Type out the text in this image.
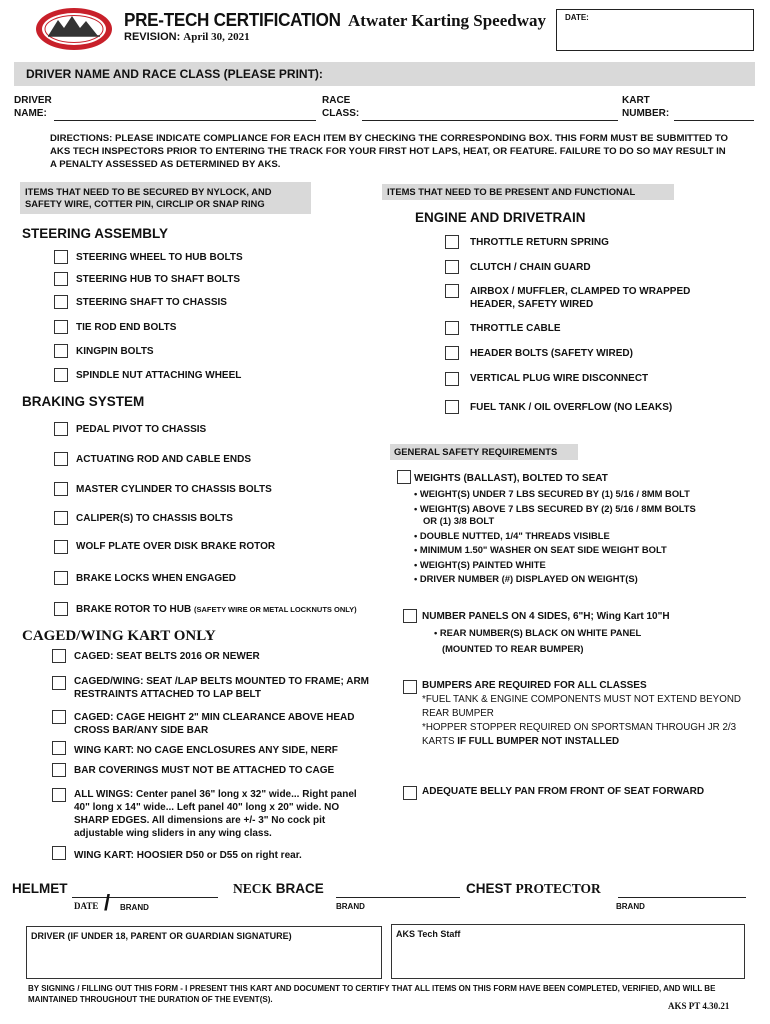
PRE-TECH CERTIFICATION
REVISION: April 30, 2021
Atwater Karting Speedway DATE:
DRIVER NAME AND RACE CLASS (PLEASE PRINT):
DRIVER
NAME:
RACE
CLASS:
KART
NUMBER:
DIRECTIONS: PLEASE INDICATE COMPLIANCE FOR EACH ITEM BY CHECKING THE CORRESPONDING BOX. THIS FORM MUST BE SUBMITTED TO AKS TECH INSPECTORS PRIOR TO ENTERING THE TRACK FOR YOUR FIRST HOT LAPS, HEAT, OR FEATURE. FAILURE TO DO SO MAY RESULT IN A PENALTY ASSESSED AS DETERMINED BY AKS.
ITEMS THAT NEED TO BE SECURED BY NYLOCK, AND SAFETY WIRE, COTTER PIN, CIRCLIP OR SNAP RING
STEERING ASSEMBLY
STEERING WHEEL TO HUB BOLTS
STEERING HUB TO SHAFT BOLTS
STEERING SHAFT TO CHASSIS
TIE ROD END BOLTS
KINGPIN BOLTS
SPINDLE NUT ATTACHING WHEEL
BRAKING SYSTEM
PEDAL PIVOT TO CHASSIS
ACTUATING ROD AND CABLE ENDS
MASTER CYLINDER TO CHASSIS BOLTS
CALIPER(S) TO CHASSIS BOLTS
WOLF PLATE OVER DISK BRAKE ROTOR
BRAKE LOCKS WHEN ENGAGED
BRAKE ROTOR TO HUB (SAFETY WIRE OR METAL LOCKNUTS ONLY)
CAGED/WING KART ONLY
CAGED: SEAT BELTS 2016 OR NEWER
CAGED/WING: SEAT /LAP BELTS MOUNTED TO FRAME; ARM RESTRAINTS ATTACHED TO LAP BELT
CAGED: CAGE HEIGHT 2" MIN CLEARANCE ABOVE HEAD CROSS BAR/ANY SIDE BAR
WING KART: NO CAGE ENCLOSURES ANY SIDE, NERF
BAR COVERINGS MUST NOT BE ATTACHED TO CAGE
ALL WINGS: Center panel 36" long x 32" wide... Right panel 40" long x 14" wide... Left panel 40" long x 20" wide. NO SHARP EDGES. All dimensions are +/- 3" No cock pit adjustable wing sliders in any wing class.
WING KART: HOOSIER D50 or D55 on right rear.
ITEMS THAT NEED TO BE PRESENT AND FUNCTIONAL
ENGINE AND DRIVETRAIN
THROTTLE RETURN SPRING
CLUTCH / CHAIN GUARD
AIRBOX / MUFFLER, CLAMPED TO WRAPPED HEADER, SAFETY WIRED
THROTTLE CABLE
HEADER BOLTS (SAFETY WIRED)
VERTICAL PLUG WIRE DISCONNECT
FUEL TANK / OIL OVERFLOW (NO LEAKS)
GENERAL SAFETY REQUIREMENTS
WEIGHTS (BALLAST), BOLTED TO SEAT
• WEIGHT(S) UNDER 7 LBS SECURED BY (1) 5/16 / 8MM BOLT
• WEIGHT(S) ABOVE 7 LBS SECURED BY (2) 5/16 / 8MM BOLTS
OR (1) 3/8 BOLT
• DOUBLE NUTTED, 1/4" THREADS VISIBLE
• MINIMUM 1.50" WASHER ON SEAT SIDE WEIGHT BOLT
• WEIGHT(S) PAINTED WHITE
• DRIVER NUMBER (#) DISPLAYED ON WEIGHT(S)
NUMBER PANELS ON 4 SIDES, 6"H; Wing Kart 10"H
• REAR NUMBER(S) BLACK ON WHITE PANEL
(MOUNTED TO REAR BUMPER)
BUMPERS ARE REQUIRED FOR ALL CLASSES
*FUEL TANK & ENGINE COMPONENTS MUST NOT EXTEND BEYOND REAR BUMPER
*HOPPER STOPPER REQUIRED ON SPORTSMAN THROUGH JR 2/3 KARTS IF FULL BUMPER NOT INSTALLED
ADEQUATE BELLY PAN FROM FRONT OF SEAT FORWARD
HELMET
DATE / BRAND
NECK BRACE
BRAND
CHEST PROTECTOR
BRAND
DRIVER (IF UNDER 18, PARENT OR GUARDIAN SIGNATURE)	AKS Tech Staff
BY SIGNING / FILLING OUT THIS FORM - I PRESENT THIS KART AND DOCUMENT TO CERTIFY THAT ALL ITEMS ON THIS FORM HAVE BEEN COMPLETED, VERIFIED, AND WILL BE MAINTAINED THROUGHOUT THE DURATION OF THE EVENT(S).
AKS PT 4.30.21
